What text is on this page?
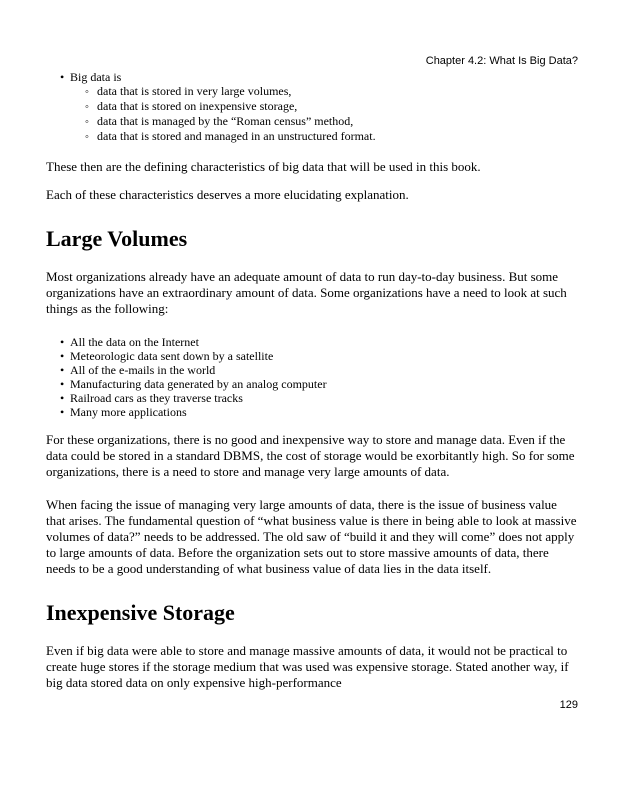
Chapter 4.2: What Is Big Data?
• Big data is
◦ data that is stored in very large volumes,
◦ data that is stored on inexpensive storage,
◦ data that is managed by the “Roman census” method,
◦ data that is stored and managed in an unstructured format.

These then are the defining characteristics of big data that will be used in this book.

Each of these characteristics deserves a more elucidating explanation.

Large Volumes

Most organizations already have an adequate amount of data to run day-to-day business. But some organizations have an extraordinary amount of data. Some organizations have a need to look at such things as the following:

• All the data on the Internet
• Meteorologic data sent down by a satellite
• All of the e-mails in the world
• Manufacturing data generated by an analog computer
• Railroad cars as they traverse tracks
• Many more applications

For these organizations, there is no good and inexpensive way to store and manage data. Even if the data could be stored in a standard DBMS, the cost of storage would be exorbitantly high. So for some organizations, there is a need to store and manage very large amounts of data.

When facing the issue of managing very large amounts of data, there is the issue of business value that arises. The fundamental question of “what business value is there in being able to look at massive volumes of data?” needs to be addressed. The old saw of “build it and they will come” does not apply to large amounts of data. Before the organization sets out to store massive amounts of data, there needs to be a good understanding of what business value of data lies in the data itself.

Inexpensive Storage

Even if big data were able to store and manage massive amounts of data, it would not be practical to create huge stores if the storage medium that was used was expensive storage. Stated another way, if big data stored data on only expensive high-performance

129
